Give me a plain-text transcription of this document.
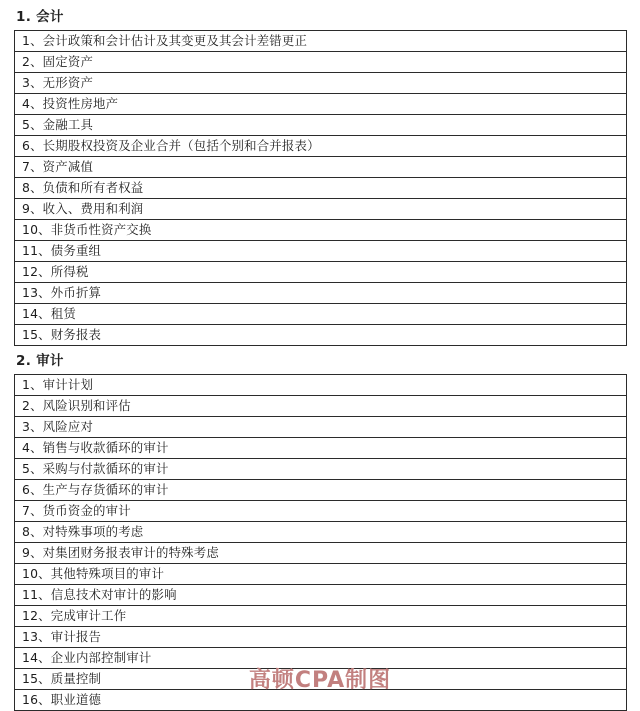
1. 会计
1、会计政策和会计估计及其变更及其会计差错更正
2、固定资产
3、无形资产
4、投资性房地产
5、金融工具
6、长期股权投资及企业合并（包括个别和合并报表）
7、资产减值
8、负债和所有者权益
9、收入、费用和利润
10、非货币性资产交换
11、债务重组
12、所得税
13、外币折算
14、租赁
15、财务报表
2. 审计
1、审计计划
2、风险识别和评估
3、风险应对
4、销售与收款循环的审计
5、采购与付款循环的审计
6、生产与存货循环的审计
7、货币资金的审计
8、对特殊事项的考虑
9、对集团财务报表审计的特殊考虑
10、其他特殊项目的审计
11、信息技术对审计的影响
12、完成审计工作
13、审计报告
14、企业内部控制审计
15、质量控制
16、职业道德
高顿CPA制图
